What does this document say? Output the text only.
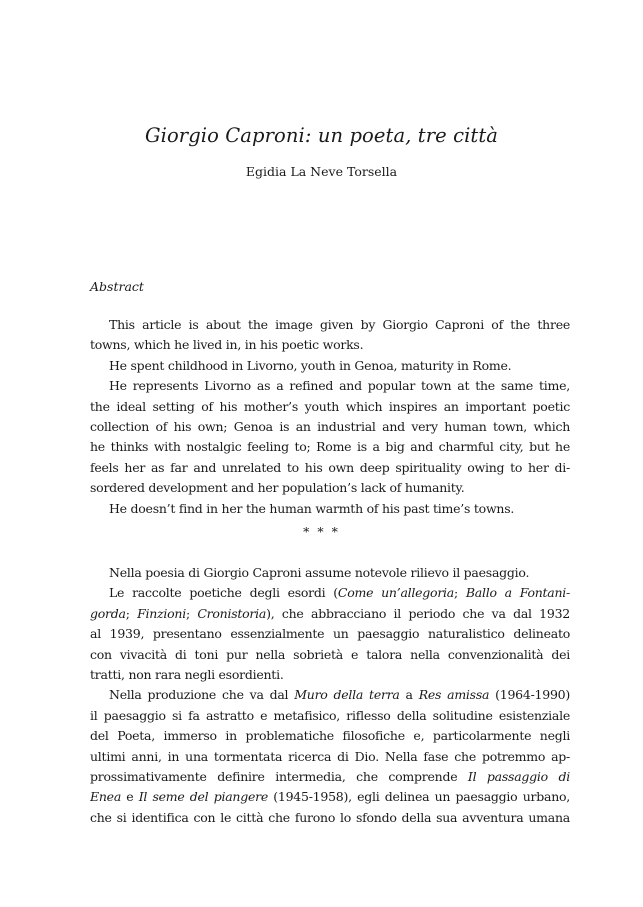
Giorgio Caproni: un poeta, tre città
Egidia La Neve Torsella
Abstract
This article is about the image given by Giorgio Caproni of the three
towns, which he lived in, in his poetic works.
He spent childhood in Livorno, youth in Genoa, maturity in Rome.
He represents Livorno as a refined and popular town at the same time,
the ideal setting of his mother’s youth which inspires an important poetic
collection of his own; Genoa is an industrial and very human town, which
he thinks with nostalgic feeling to; Rome is a big and charmful city, but he
feels her as far and unrelated to his own deep spirituality owing to her di-
sordered development and her population’s lack of humanity.
He doesn’t find in her the human warmth of his past time’s towns.
* * *
Nella poesia di Giorgio Caproni assume notevole rilievo il paesaggio.
Le raccolte poetiche degli esordi (Come un’allegoria; Ballo a Fontani-
gorda; Finzioni; Cronistoria), che abbracciano il periodo che va dal 1932
al 1939, presentano essenzialmente un paesaggio naturalistico delineato
con vivacità di toni pur nella sobrietà e talora nella convenzionalità dei
tratti, non rara negli esordienti.
Nella produzione che va dal Muro della terra a Res amissa (1964-1990)
il paesaggio si fa astratto e metafisico, riflesso della solitudine esistenziale
del Poeta, immerso in problematiche filosofiche e, particolarmente negli
ultimi anni, in una tormentata ricerca di Dio. Nella fase che potremmo ap-
prossimativamente definire intermedia, che comprende Il passaggio di
Enea e Il seme del piangere (1945-1958), egli delinea un paesaggio urbano,
che si identifica con le città che furono lo sfondo della sua avventura umana
